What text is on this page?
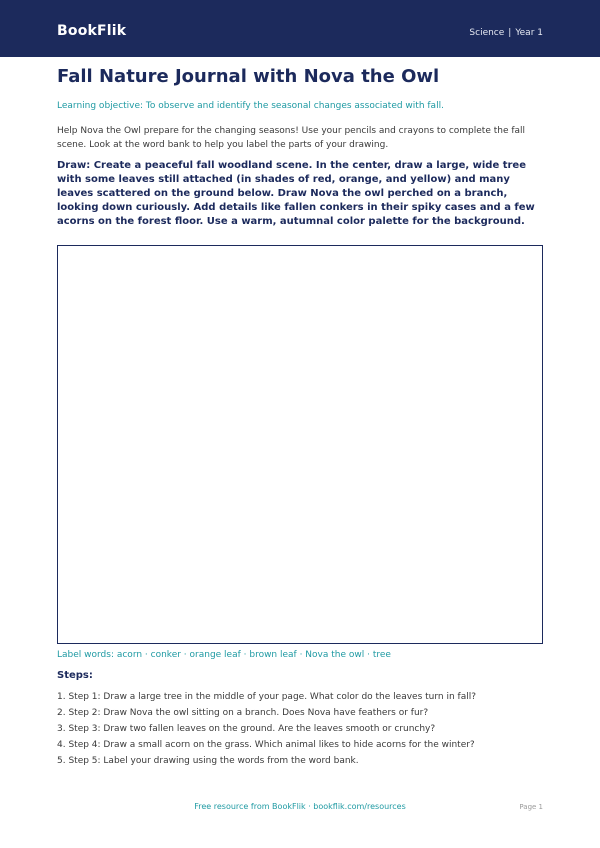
BookFlik	Science | Year 1
Fall Nature Journal with Nova the Owl

Learning objective: To observe and identify the seasonal changes associated with fall.

Help Nova the Owl prepare for the changing seasons! Use your pencils and crayons to complete the fall scene. Look at the word bank to help you label the parts of your drawing.

Draw: Create a peaceful fall woodland scene. In the center, draw a large, wide tree with some leaves still attached (in shades of red, orange, and yellow) and many leaves scattered on the ground below. Draw Nova the owl perched on a branch, looking down curiously. Add details like fallen conkers in their spiky cases and a few acorns on the forest floor. Use a warm, autumnal color palette for the background.

Label words: acorn · conker · orange leaf · brown leaf · Nova the owl · tree

Steps:
1. Step 1: Draw a large tree in the middle of your page. What color do the leaves turn in fall?
2. Step 2: Draw Nova the owl sitting on a branch. Does Nova have feathers or fur?
3. Step 3: Draw two fallen leaves on the ground. Are the leaves smooth or crunchy?
4. Step 4: Draw a small acorn on the grass. Which animal likes to hide acorns for the winter?
5. Step 5: Label your drawing using the words from the word bank.
Free resource from BookFlik · bookflik.com/resources	Page 1
